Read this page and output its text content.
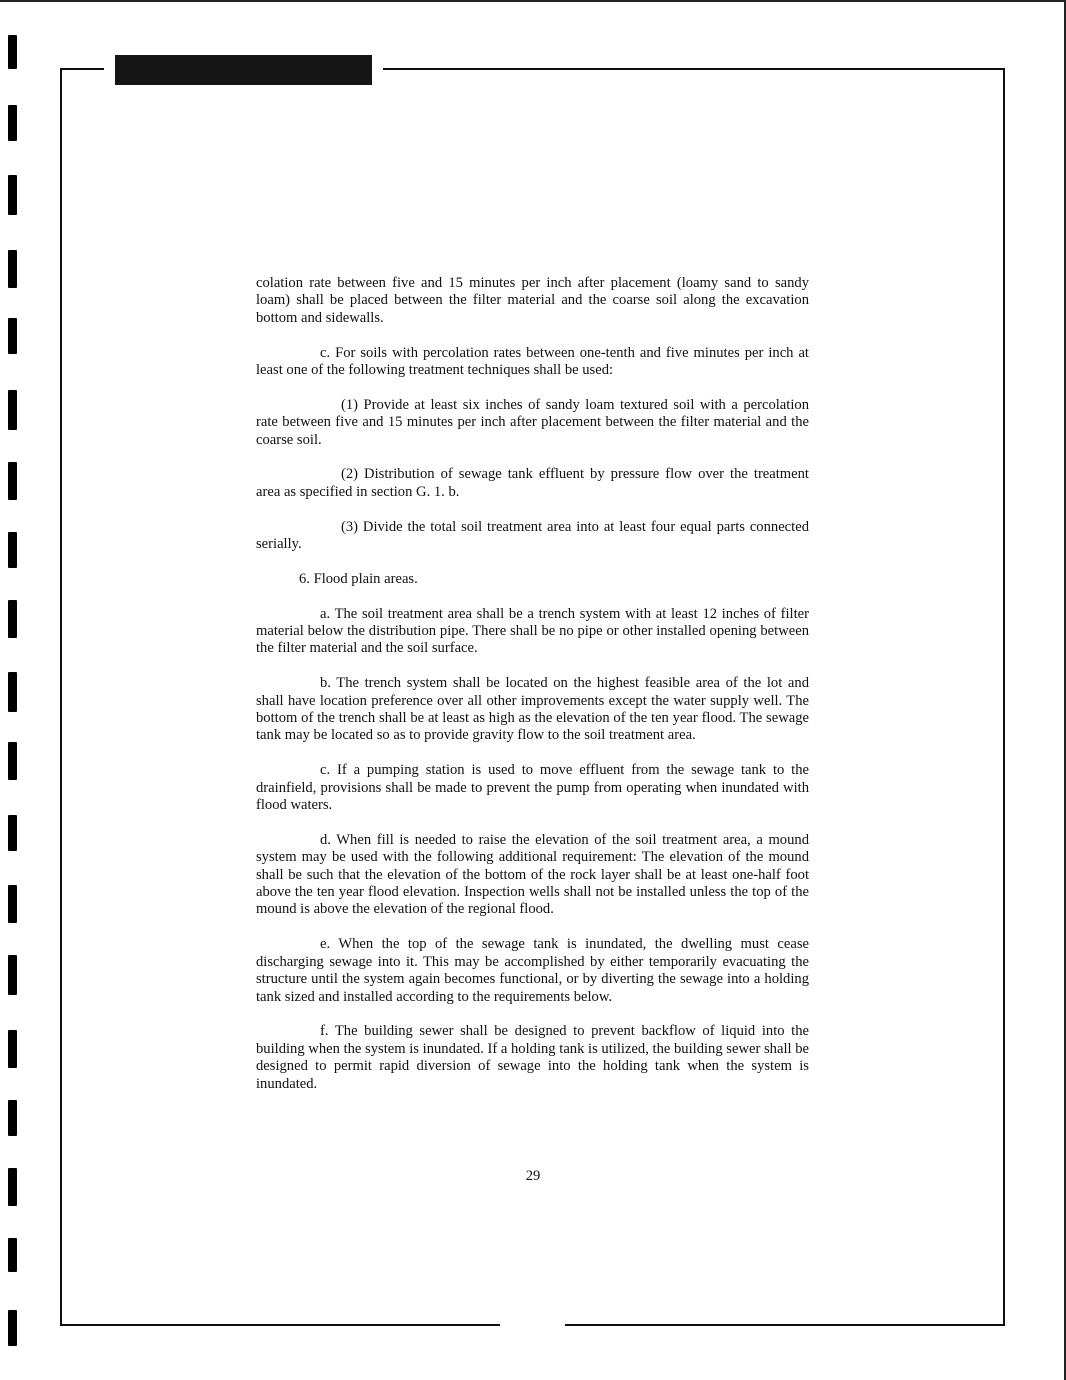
colation rate between five and 15 minutes per inch after placement (loamy sand to sandy loam) shall be placed between the filter material and the coarse soil along the excavation bottom and sidewalls.

c. For soils with percolation rates between one-tenth and five minutes per inch at least one of the following treatment techniques shall be used:

(1) Provide at least six inches of sandy loam textured soil with a percolation rate between five and 15 minutes per inch after placement between the filter material and the coarse soil.

(2) Distribution of sewage tank effluent by pressure flow over the treatment area as specified in section G. 1. b.

(3) Divide the total soil treatment area into at least four equal parts connected serially.

6. Flood plain areas.

a. The soil treatment area shall be a trench system with at least 12 inches of filter material below the distribution pipe. There shall be no pipe or other installed opening between the filter material and the soil surface.

b. The trench system shall be located on the highest feasible area of the lot and shall have location preference over all other improvements except the water supply well. The bottom of the trench shall be at least as high as the elevation of the ten year flood. The sewage tank may be located so as to provide gravity flow to the soil treatment area.

c. If a pumping station is used to move effluent from the sewage tank to the drainfield, provisions shall be made to prevent the pump from operating when inundated with flood waters.

d. When fill is needed to raise the elevation of the soil treatment area, a mound system may be used with the following additional requirement: The elevation of the mound shall be such that the elevation of the bottom of the rock layer shall be at least one-half foot above the ten year flood elevation. Inspection wells shall not be installed unless the top of the mound is above the elevation of the regional flood.

e. When the top of the sewage tank is inundated, the dwelling must cease discharging sewage into it. This may be accomplished by either temporarily evacuating the structure until the system again becomes functional, or by diverting the sewage into a holding tank sized and installed according to the requirements below.

f. The building sewer shall be designed to prevent backflow of liquid into the building when the system is inundated. If a holding tank is utilized, the building sewer shall be designed to permit rapid diversion of sewage into the holding tank when the system is inundated.

29
